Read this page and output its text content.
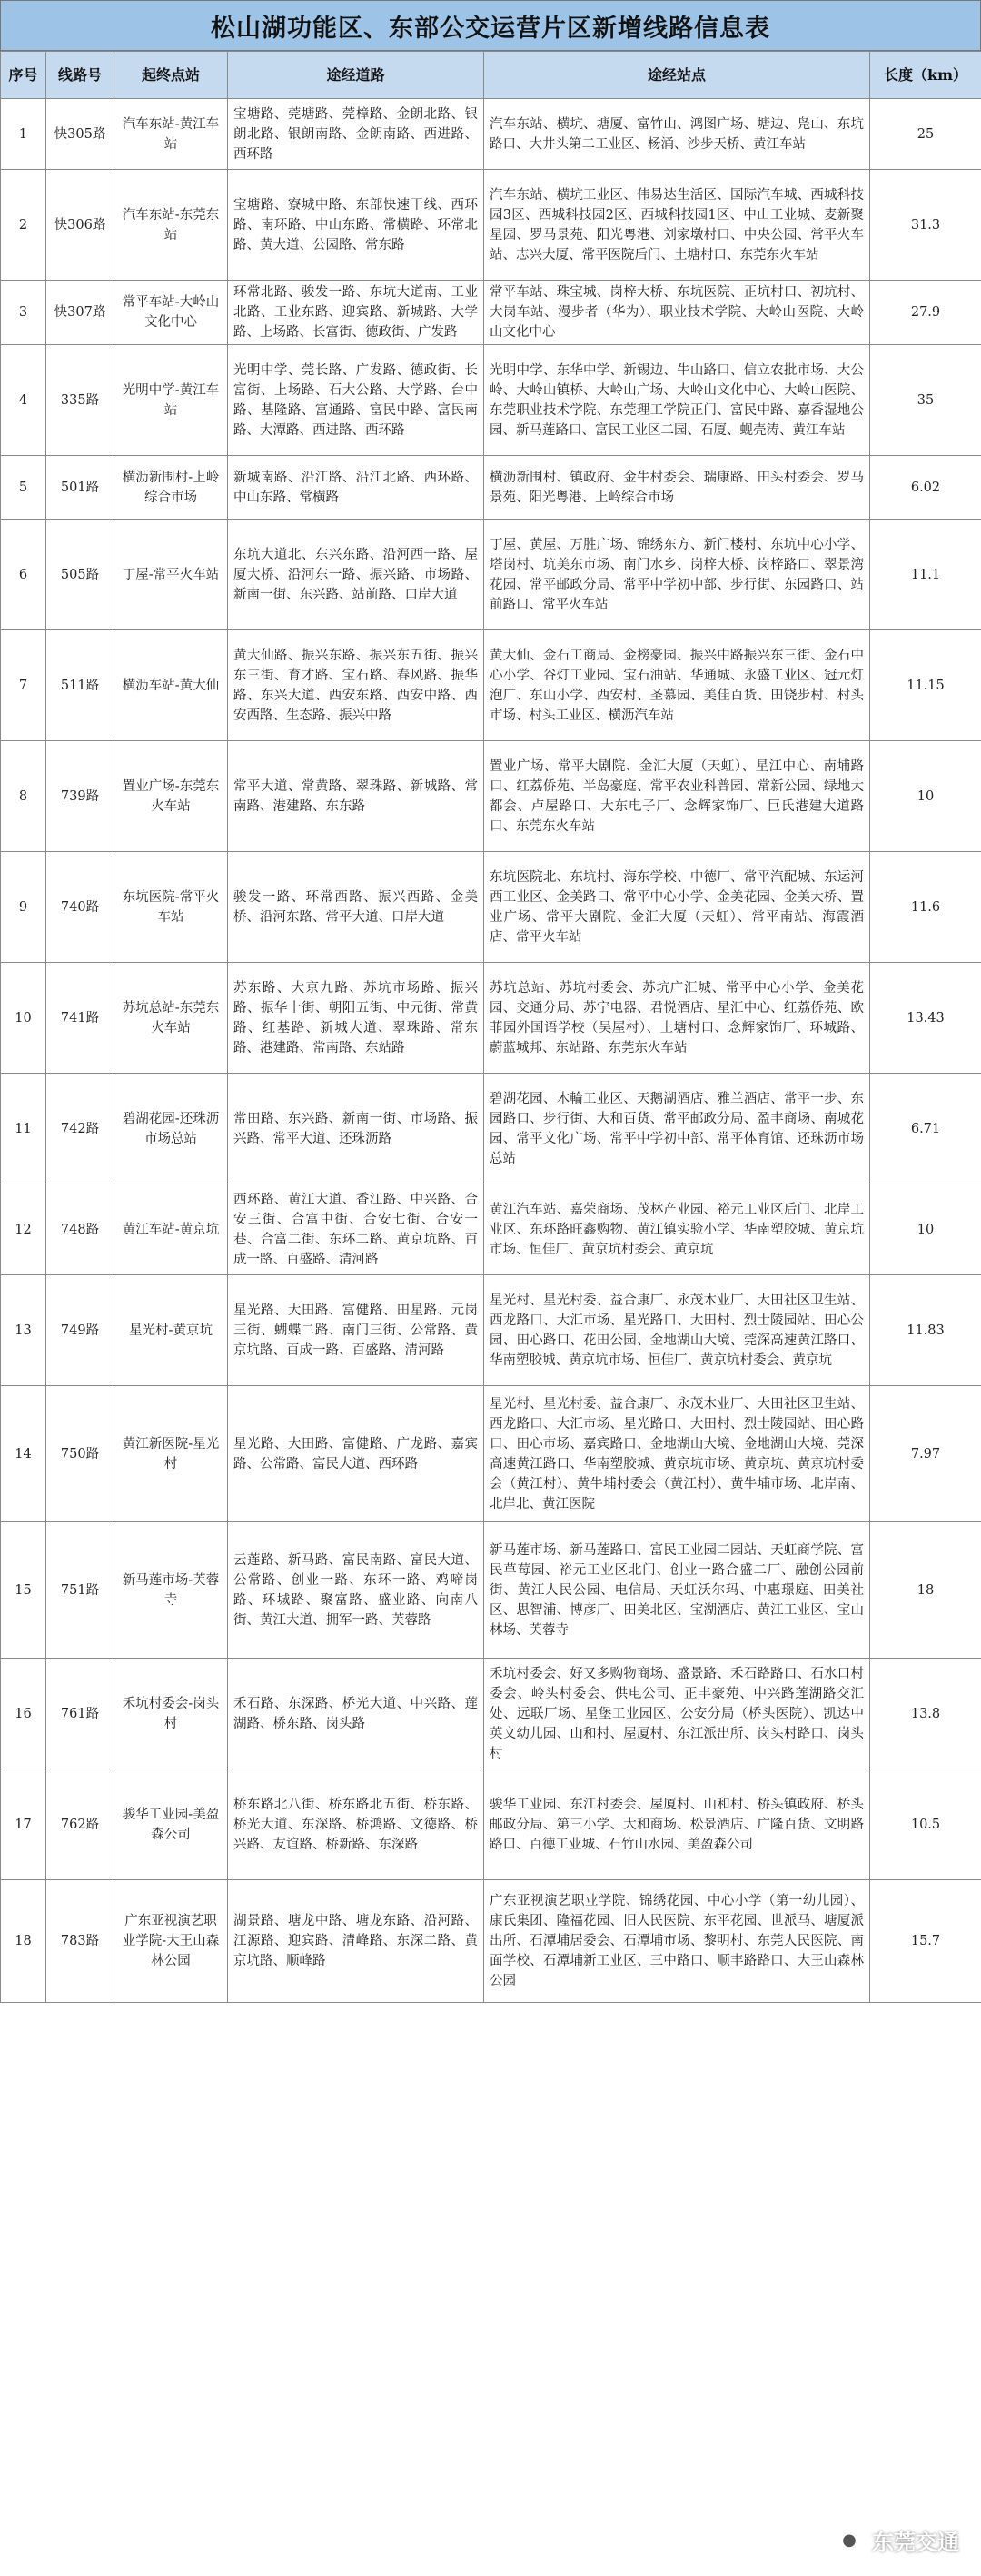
松山湖功能区、东部公交运营片区新增线路信息表
序号	线路号	起终点站	途经道路	途经站点	长度（km）
1	快305路	汽车东站-黄江车站	宝塘路、莞塘路、莞樟路、金朗北路、银朗北路、银朗南路、金朗南路、西进路、西环路	汽车东站、横坑、塘厦、富竹山、鸿图广场、塘边、凫山、东坑路口、大井头第二工业区、杨涌、沙步天桥、黄江车站	25
2	快306路	汽车东站-东莞东站	宝塘路、寮城中路、东部快速干线、西环路、南环路、中山东路、常横路、环常北路、黄大道、公园路、常东路	汽车东站、横坑工业区、伟易达生活区、国际汽车城、西城科技园3区、西城科技园2区、西城科技园1区、中山工业城、麦新聚星园、罗马景苑、阳光粤港、刘家墩村口、中央公园、常平火车站、志兴大厦、常平医院后门、土塘村口、东莞东火车站	31.3
3	快307路	常平车站-大岭山文化中心	环常北路、骏发一路、东坑大道南、工业北路、工业东路、迎宾路、新城路、大学路、上场路、长富街、德政街、广发路	常平车站、珠宝城、岗梓大桥、东坑医院、正坑村口、初坑村、大岗车站、漫步者（华为）、职业技术学院、大岭山医院、大岭山文化中心	27.9
4	335路	光明中学-黄江车站	光明中学、莞长路、广发路、德政街、长富街、上场路、石大公路、大学路、台中路、基隆路、富通路、富民中路、富民南路、大潭路、西进路、西环路	光明中学、东华中学、新锡边、牛山路口、信立农批市场、大公岭、大岭山镇桥、大岭山广场、大岭山文化中心、大岭山医院、东莞职业技术学院、东莞理工学院正门、富民中路、嘉香湿地公园、新马莲路口、富民工业区二园、石厦、蚬壳涛、黄江车站	35
5	501路	横沥新围村-上岭综合市场	新城南路、沿江路、沿江北路、西环路、中山东路、常横路	横沥新围村、镇政府、金牛村委会、瑞康路、田头村委会、罗马景苑、阳光粤港、上岭综合市场	6.02
6	505路	丁屋-常平火车站	东坑大道北、东兴东路、沿河西一路、屋厦大桥、沿河东一路、振兴路、市场路、新南一街、东兴路、站前路、口岸大道	丁屋、黄屋、万胜广场、锦绣东方、新门楼村、东坑中心小学、塔岗村、坑美东市场、南门水乡、岗梓大桥、岗梓路口、翠景湾花园、常平邮政分局、常平中学初中部、步行街、东园路口、站前路口、常平火车站	11.1
7	511路	横沥车站-黄大仙	黄大仙路、振兴东路、振兴东五街、振兴东三街、育才路、宝石路、春风路、振华路、东兴大道、西安东路、西安中路、西安西路、生态路、振兴中路	黄大仙、金石工商局、金榜豪园、振兴中路振兴东三街、金石中心小学、谷灯工业园、宝石油站、华通城、永盛工业区、冠元灯泡厂、东山小学、西安村、圣慕园、美佳百货、田饶步村、村头市场、村头工业区、横沥汽车站	11.15
8	739路	置业广场-东莞东火车站	常平大道、常黄路、翠珠路、新城路、常南路、港建路、东东路	置业广场、常平大剧院、金汇大厦（天虹）、星江中心、南埔路口、红荔侨苑、半岛豪庭、常平农业科普园、常新公园、绿地大都会、卢屋路口、大东电子厂、念辉家饰厂、巨氏港建大道路口、东莞东火车站	10
9	740路	东坑医院-常平火车站	骏发一路、环常西路、振兴西路、金美桥、沿河东路、常平大道、口岸大道	东坑医院北、东坑村、海东学校、中德厂、常平汽配城、东运河西工业区、金美路口、常平中心小学、金美花园、金美大桥、置业广场、常平大剧院、金汇大厦（天虹）、常平南站、海霞酒店、常平火车站	11.6
10	741路	苏坑总站-东莞东火车站	苏东路、大京九路、苏坑市场路、振兴路、振华十街、朝阳五街、中元街、常黄路、红基路、新城大道、翠珠路、常东路、港建路、常南路、东站路	苏坑总站、苏坑村委会、苏坑广汇城、常平中心小学、金美花园、交通分局、苏宁电器、君悦酒店、星汇中心、红荔侨苑、欧菲园外国语学校（吴屋村）、土塘村口、念辉家饰厂、环城路、蔚蓝城邦、东站路、东莞东火车站	13.43
11	742路	碧湖花园-还珠沥市场总站	常田路、东兴路、新南一街、市场路、振兴路、常平大道、还珠沥路	碧湖花园、木輪工业区、天鹅湖酒店、雅兰酒店、常平一步、东园路口、步行街、大和百货、常平邮政分局、盈丰商场、南城花园、常平文化广场、常平中学初中部、常平体育馆、还珠沥市场总站	6.71
12	748路	黄江车站-黄京坑	西环路、黄江大道、香江路、中兴路、合安三街、合富中街、合安七街、合安一巷、合富二街、东环二路、黄京坑路、百成一路、百盛路、清河路	黄江汽车站、嘉荣商场、茂林产业园、裕元工业区后门、北岸工业区、东环路旺鑫购物、黄江镇实验小学、华南塑胶城、黄京坑市场、恒佳厂、黄京坑村委会、黄京坑	10
13	749路	星光村-黄京坑	星光路、大田路、富健路、田星路、元岗三街、蝴蝶二路、南门三街、公常路、黄京坑路、百成一路、百盛路、清河路	星光村、星光村委、益合康厂、永茂木业厂、大田社区卫生站、西龙路口、大汇市场、星光路口、大田村、烈士陵园站、田心公园、田心路口、花田公园、金地湖山大境、莞深高速黄江路口、华南塑胶城、黄京坑市场、恒佳厂、黄京坑村委会、黄京坑	11.83
14	750路	黄江新医院-星光村	星光路、大田路、富健路、广龙路、嘉宾路、公常路、富民大道、西环路	星光村、星光村委、益合康厂、永茂木业厂、大田社区卫生站、西龙路口、大汇市场、星光路口、大田村、烈士陵园站、田心路口、田心市场、嘉宾路口、金地湖山大境、金地湖山大境、莞深高速黄江路口、华南塑胶城、黄京坑市场、黄京坑、黄京坑村委会（黄江村）、黄牛埔村委会（黄江村）、黄牛埔市场、北岸南、北岸北、黄江医院	7.97
15	751路	新马莲市场-芙蓉寺	云莲路、新马路、富民南路、富民大道、公常路、创业一路、东环一路、鸡啼岗路、环城路、聚富路、盛业路、向南八街、黄江大道、拥军一路、芙蓉路	新马莲市场、新马莲路口、富民工业园二园站、天虹商学院、富民草莓园、裕元工业区北门、创业一路合盛二厂、融创公园前街、黄江人民公园、电信局、天虹沃尔玛、中惠璟庭、田美社区、思智浦、博彦厂、田美北区、宝湖酒店、黄江工业区、宝山林场、芙蓉寺	18
16	761路	禾坑村委会-岗头村	禾石路、东深路、桥光大道、中兴路、莲湖路、桥东路、岗头路	禾坑村委会、好又多购物商场、盛景路、禾石路路口、石水口村委会、岭头村委会、供电公司、正丰豪苑、中兴路莲湖路交汇处、远联厂场、星堡工业园区、公安分局（桥头医院）、凯达中英文幼儿园、山和村、屋厦村、东江派出所、岗头村路口、岗头村	13.8
17	762路	骏华工业园-美盈森公司	桥东路北八街、桥东路北五街、桥东路、桥光大道、东深路、桥鸿路、文德路、桥兴路、友谊路、桥新路、东深路	骏华工业园、东江村委会、屋厦村、山和村、桥头镇政府、桥头邮政分局、第三小学、大和商场、松景酒店、广隆百货、文明路路口、百德工业城、石竹山水园、美盈森公司	10.5
18	783路	广东亚视演艺职业学院-大王山森林公园	湖景路、塘龙中路、塘龙东路、沿河路、江源路、迎宾路、清峰路、东深二路、黄京坑路、顺峰路	广东亚视演艺职业学院、锦绣花园、中心小学（第一幼儿园）、康氏集团、隆福花园、旧人民医院、东平花园、世派马、塘厦派出所、石潭埔居委会、石潭埔市场、黎明村、东莞人民医院、南面学校、石潭埔新工业区、三中路口、顺丰路路口、大王山森林公园	15.7
● 东莞交通
